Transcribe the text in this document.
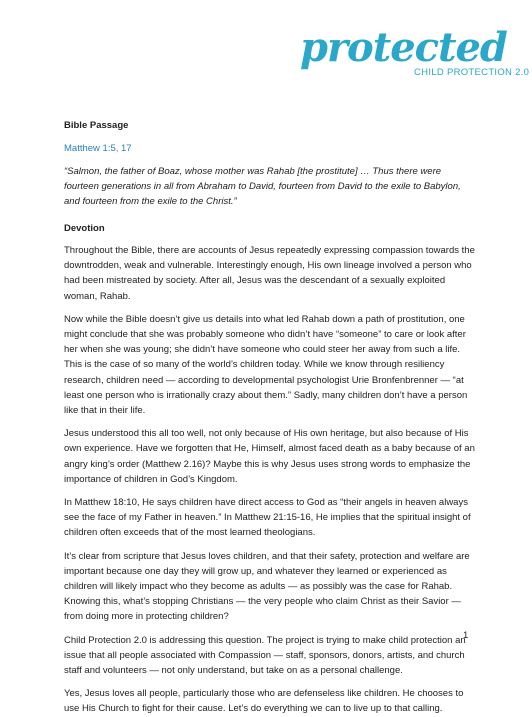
protected
CHILD PROTECTION 2.0

Bible Passage

Matthew 1:5, 17

“Salmon, the father of Boaz, whose mother was Rahab [the prostitute] … Thus there were fourteen generations in all from Abraham to David, fourteen from David to the exile to Babylon, and fourteen from the exile to the Christ.”

Devotion

Throughout the Bible, there are accounts of Jesus repeatedly expressing compassion towards the downtrodden, weak and vulnerable. Interestingly enough, His own lineage involved a person who had been mistreated by society. After all, Jesus was the descendant of a sexually exploited woman, Rahab.

Now while the Bible doesn’t give us details into what led Rahab down a path of prostitution, one might conclude that she was probably someone who didn’t have “someone” to care or look after her when she was young; she didn’t have someone who could steer her away from such a life. This is the case of so many of the world’s children today. While we know through resiliency research, children need — according to developmental psychologist Urie Bronfenbrenner — “at least one person who is irrationally crazy about them.” Sadly, many children don’t have a person like that in their life.

Jesus understood this all too well, not only because of His own heritage, but also because of His own experience. Have we forgotten that He, Himself, almost faced death as a baby because of an angry king’s order (Matthew 2.16)? Maybe this is why Jesus uses strong words to emphasize the importance of children in God’s Kingdom.

In Matthew 18:10, He says children have direct access to God as “their angels in heaven always see the face of my Father in heaven.” In Matthew 21:15-16, He implies that the spiritual insight of children often exceeds that of the most learned theologians.

It’s clear from scripture that Jesus loves children, and that their safety, protection and welfare are important because one day they will grow up, and whatever they learned or experienced as children will likely impact who they become as adults — as possibly was the case for Rahab. Knowing this, what’s stopping Christians — the very people who claim Christ as their Savior — from doing more in protecting children?

Child Protection 2.0 is addressing this question. The project is trying to make child protection an issue that all people associated with Compassion — staff, sponsors, donors, artists, and church staff and volunteers — not only understand, but take on as a personal challenge.

Yes, Jesus loves all people, particularly those who are defenseless like children. He chooses to use His Church to fight for their cause. Let’s do everything we can to live up to that calling.

1
